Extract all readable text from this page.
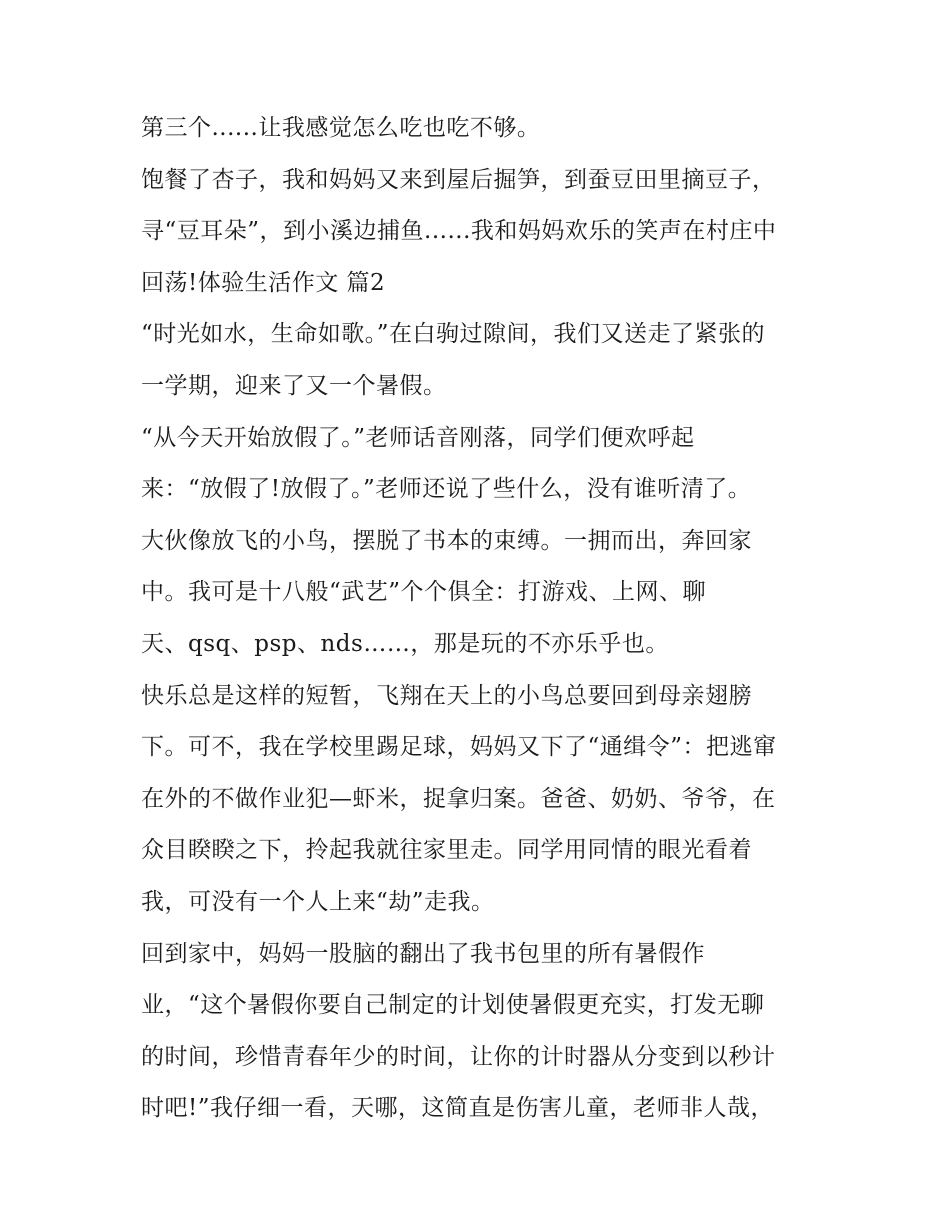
第三个......让我感觉怎么吃也吃不够。
饱餐了杏子，我和妈妈又来到屋后掘笋，到蚕豆田里摘豆子，
寻“豆耳朵”，到小溪边捕鱼......我和妈妈欢乐的笑声在村庄中
回荡!体验生活作文 篇2
“时光如水，生命如歌。”在白驹过隙间，我们又送走了紧张的
一学期，迎来了又一个暑假。
“从今天开始放假了。”老师话音刚落，同学们便欢呼起
来：“放假了!放假了。”老师还说了些什么，没有谁听清了。
大伙像放飞的小鸟，摆脱了书本的束缚。一拥而出，奔回家
中。我可是十八般“武艺”个个俱全：打游戏、上网、聊
天、qsq、psp、nds……，那是玩的不亦乐乎也。
快乐总是这样的短暂，飞翔在天上的小鸟总要回到母亲翅膀
下。可不，我在学校里踢足球，妈妈又下了“通缉令”：把逃窜
在外的不做作业犯—虾米，捉拿归案。爸爸、奶奶、爷爷，在
众目睽睽之下，拎起我就往家里走。同学用同情的眼光看着
我，可没有一个人上来“劫”走我。
回到家中，妈妈一股脑的翻出了我书包里的所有暑假作
业，“这个暑假你要自己制定的计划使暑假更充实，打发无聊
的时间，珍惜青春年少的时间，让你的计时器从分变到以秒计
时吧!”我仔细一看，天哪，这简直是伤害儿童，老师非人哉，
